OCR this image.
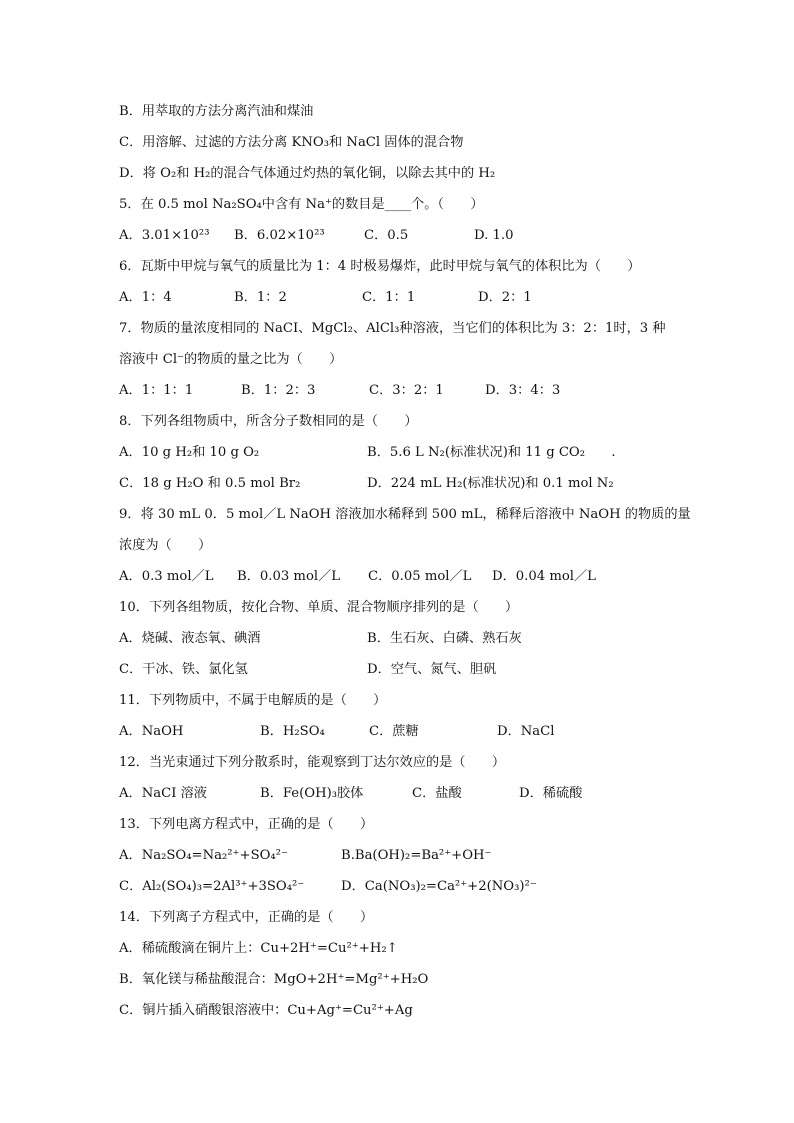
B．用萃取的方法分离汽油和煤油
C．用溶解、过滤的方法分离 KNO₃和 NaCl 固体的混合物
D．将 O₂和 H₂的混合气体通过灼热的氧化铜，以除去其中的 H₂
5．在 0.5 mol Na₂SO₄中含有 Na⁺的数目是____个。（　　）
A．3.01×10²³	B．6.02×10²³	C．0.5	D. 1.0
6．瓦斯中甲烷与氧气的质量比为 1：4 时极易爆炸，此时甲烷与氧气的体积比为（　　）
A．1：4	B．1：2	C．1：1	D．2：1
7．物质的量浓度相同的 NaCI、MgCl₂、AlCl₃种溶液，当它们的体积比为 3：2：1时，3 种
溶液中 Cl⁻的物质的量之比为（　　）
A．1：1：1	B．1：2：3	C．3：2：1	D．3：4：3
8．下列各组物质中，所含分子数相同的是（　　）
A．10 g H₂和 10 g O₂	B．5.6 L N₂(标准状况)和 11 g CO₂　　.
C．18 g H₂O 和 0.5 mol Br₂	D．224 mL H₂(标准状况)和 0.1 mol N₂
9．将 30 mL 0．5 mol／L NaOH 溶液加水稀释到 500 mL，稀释后溶液中 NaOH 的物质的量
浓度为（　　）
A．0.3 mol／L	B．0.03 mol／L	C．0.05 mol／L	D．0.04 mol／L
10．下列各组物质，按化合物、单质、混合物顺序排列的是（　　）
A．烧碱、液态氧、碘酒	B．生石灰、白磷、熟石灰
C．干冰、铁、氯化氢	D．空气、氮气、胆矾
11．下列物质中，不属于电解质的是（　　）
A．NaOH	B．H₂SO₄	C．蔗糖	D．NaCl
12．当光束通过下列分散系时，能观察到丁达尔效应的是（　　）
A．NaCI 溶液	B．Fe(OH)₃胶体	C．盐酸	D．稀硫酸
13．下列电离方程式中，正确的是（　　）
A．Na₂SO₄=Na₂²⁺+SO₄²⁻	B.Ba(OH)₂=Ba²⁺+OH⁻
C．Al₂(SO₄)₃=2Al³⁺+3SO₄²⁻	D．Ca(NO₃)₂=Ca²⁺+2(NO₃)²⁻
14．下列离子方程式中，正确的是（　　）
A．稀硫酸滴在铜片上：Cu+2H⁺=Cu²⁺+H₂↑
B．氧化镁与稀盐酸混合：MgO+2H⁺=Mg²⁺+H₂O
C．铜片插入硝酸银溶液中：Cu+Ag⁺=Cu²⁺+Ag
